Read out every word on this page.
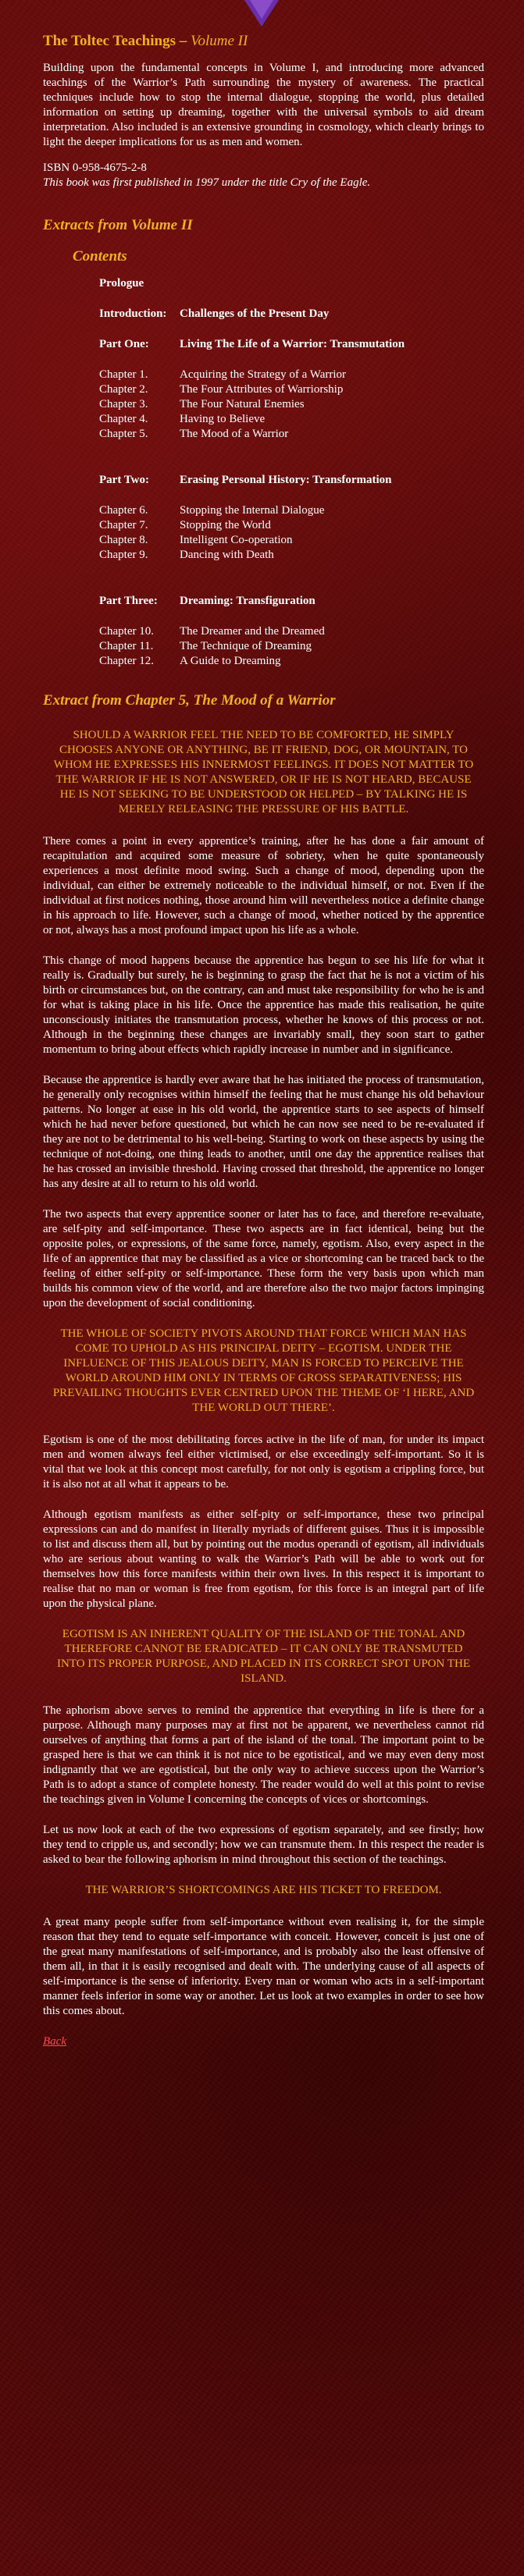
The Toltec Teachings – Volume II

Building upon the fundamental concepts in Volume I, and introducing more advanced teachings of the Warrior’s Path surrounding the mystery of awareness. The practical techniques include how to stop the internal dialogue, stopping the world, plus detailed information on setting up dreaming, together with the universal symbols to aid dream interpretation. Also included is an extensive grounding in cosmology, which clearly brings to light the deeper implications for us as men and women.

ISBN 0-958-4675-2-8
This book was first published in 1997 under the title Cry of the Eagle.
Extracts from Volume II
Contents
Prologue
Introduction:	Challenges of the Present Day
Part One:	Living The Life of a Warrior: Transmutation
Chapter 1.	Acquiring the Strategy of a Warrior
Chapter 2.	The Four Attributes of Warriorship
Chapter 3.	The Four Natural Enemies
Chapter 4.	Having to Believe
Chapter 5.	The Mood of a Warrior
Part Two:	Erasing Personal History: Transformation
Chapter 6.	Stopping the Internal Dialogue
Chapter 7.	Stopping the World
Chapter 8.	Intelligent Co-operation
Chapter 9.	Dancing with Death
Part Three:	Dreaming: Transfiguration
Chapter 10.	The Dreamer and the Dreamed
Chapter 11.	The Technique of Dreaming
Chapter 12.	A Guide to Dreaming
Extract from Chapter 5, The Mood of a Warrior

SHOULD A WARRIOR FEEL THE NEED TO BE COMFORTED, HE SIMPLY CHOOSES ANYONE OR ANYTHING, BE IT FRIEND, DOG, OR MOUNTAIN, TO WHOM HE EXPRESSES HIS INNERMOST FEELINGS. IT DOES NOT MATTER TO THE WARRIOR IF HE IS NOT ANSWERED, OR IF HE IS NOT HEARD, BECAUSE HE IS NOT SEEKING TO BE UNDERSTOOD OR HELPED – BY TALKING HE IS MERELY RELEASING THE PRESSURE OF HIS BATTLE.

There comes a point in every apprentice’s training, after he has done a fair amount of recapitulation and acquired some measure of sobriety, when he quite spontaneously experiences a most definite mood swing. Such a change of mood, depending upon the individual, can either be extremely noticeable to the individual himself, or not. Even if the individual at first notices nothing, those around him will nevertheless notice a definite change in his approach to life. However, such a change of mood, whether noticed by the apprentice or not, always has a most profound impact upon his life as a whole.

This change of mood happens because the apprentice has begun to see his life for what it really is. Gradually but surely, he is beginning to grasp the fact that he is not a victim of his birth or circumstances but, on the contrary, can and must take responsibility for who he is and for what is taking place in his life. Once the apprentice has made this realisation, he quite unconsciously initiates the transmutation process, whether he knows of this process or not. Although in the beginning these changes are invariably small, they soon start to gather momentum to bring about effects which rapidly increase in number and in significance.

Because the apprentice is hardly ever aware that he has initiated the process of transmutation, he generally only recognises within himself the feeling that he must change his old behaviour patterns. No longer at ease in his old world, the apprentice starts to see aspects of himself which he had never before questioned, but which he can now see need to be re-evaluated if they are not to be detrimental to his well-being. Starting to work on these aspects by using the technique of not-doing, one thing leads to another, until one day the apprentice realises that he has crossed an invisible threshold. Having crossed that threshold, the apprentice no longer has any desire at all to return to his old world.

The two aspects that every apprentice sooner or later has to face, and therefore re-evaluate, are self-pity and self-importance. These two aspects are in fact identical, being but the opposite poles, or expressions, of the same force, namely, egotism. Also, every aspect in the life of an apprentice that may be classified as a vice or shortcoming can be traced back to the feeling of either self-pity or self-importance. These form the very basis upon which man builds his common view of the world, and are therefore also the two major factors impinging upon the development of social conditioning.

THE WHOLE OF SOCIETY PIVOTS AROUND THAT FORCE WHICH MAN HAS COME TO UPHOLD AS HIS PRINCIPAL DEITY – EGOTISM. UNDER THE INFLUENCE OF THIS JEALOUS DEITY, MAN IS FORCED TO PERCEIVE THE WORLD AROUND HIM ONLY IN TERMS OF GROSS SEPARATIVENESS; HIS PREVAILING THOUGHTS EVER CENTRED UPON THE THEME OF ‘I HERE, AND THE WORLD OUT THERE’.

Egotism is one of the most debilitating forces active in the life of man, for under its impact men and women always feel either victimised, or else exceedingly self-important. So it is vital that we look at this concept most carefully, for not only is egotism a crippling force, but it is also not at all what it appears to be.

Although egotism manifests as either self-pity or self-importance, these two principal expressions can and do manifest in literally myriads of different guises. Thus it is impossible to list and discuss them all, but by pointing out the modus operandi of egotism, all individuals who are serious about wanting to walk the Warrior’s Path will be able to work out for themselves how this force manifests within their own lives. In this respect it is important to realise that no man or woman is free from egotism, for this force is an integral part of life upon the physical plane.

EGOTISM IS AN INHERENT QUALITY OF THE ISLAND OF THE TONAL AND THEREFORE CANNOT BE ERADICATED – IT CAN ONLY BE TRANSMUTED INTO ITS PROPER PURPOSE, AND PLACED IN ITS CORRECT SPOT UPON THE ISLAND.

The aphorism above serves to remind the apprentice that everything in life is there for a purpose. Although many purposes may at first not be apparent, we nevertheless cannot rid ourselves of anything that forms a part of the island of the tonal. The important point to be grasped here is that we can think it is not nice to be egotistical, and we may even deny most indignantly that we are egotistical, but the only way to achieve success upon the Warrior’s Path is to adopt a stance of complete honesty. The reader would do well at this point to revise the teachings given in Volume I concerning the concepts of vices or shortcomings.

Let us now look at each of the two expressions of egotism separately, and see firstly; how they tend to cripple us, and secondly; how we can transmute them. In this respect the reader is asked to bear the following aphorism in mind throughout this section of the teachings.

THE WARRIOR’S SHORTCOMINGS ARE HIS TICKET TO FREEDOM.

A great many people suffer from self-importance without even realising it, for the simple reason that they tend to equate self-importance with conceit. However, conceit is just one of the great many manifestations of self-importance, and is probably also the least offensive of them all, in that it is easily recognised and dealt with. The underlying cause of all aspects of self-importance is the sense of inferiority. Every man or woman who acts in a self-important manner feels inferior in some way or another. Let us look at two examples in order to see how this comes about.

Back
